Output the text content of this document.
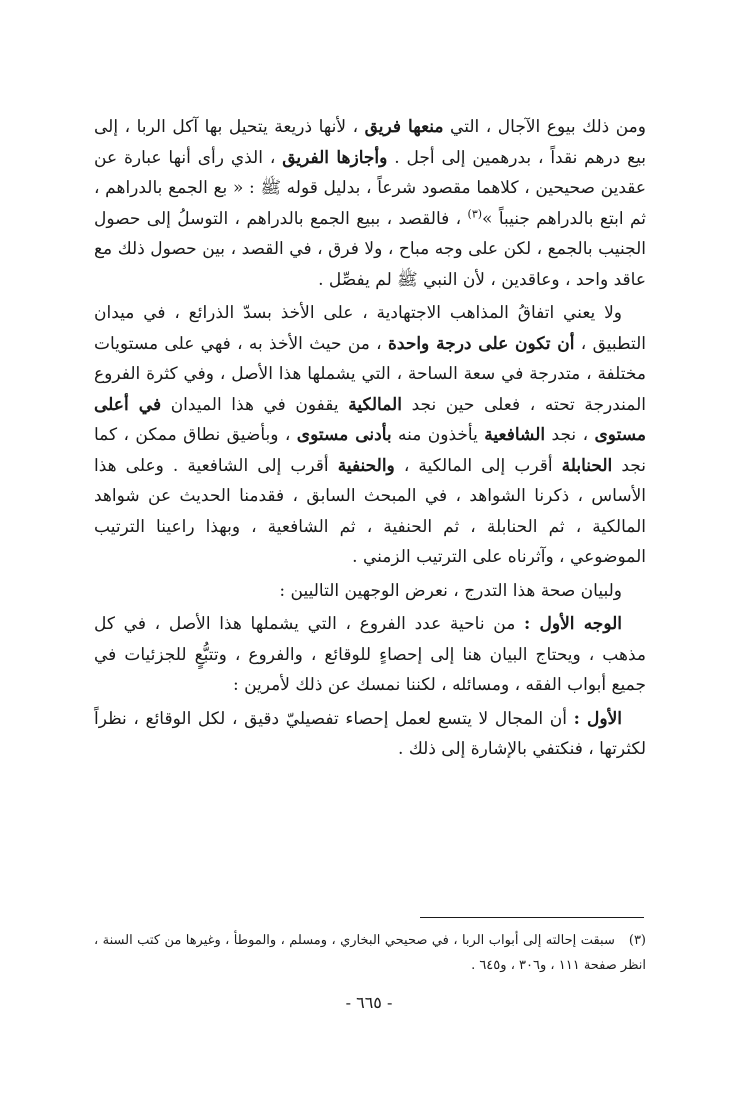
ومن ذلك بيوع الآجال ، التي منعها فريق ، لأنها ذريعة يتحيل بها آكل الربا ، إلى بيع درهم نقداً ، بدرهمين إلى أجل . وأجازها الفريق ، الذي رأى أنها عبارة عن عقدين صحيحين ، كلاهما مقصود شرعاً ، بدليل قوله ﷺ : « بع الجمع بالدراهم ، ثم ابتع بالدراهم جنيباً »$^{(٣)}$ ، فالقصد ، ببيع الجمع بالدراهم ، التوسلُ إلى حصول الجنيب بالجمع ، لكن على وجه مباح ، ولا فرق ، في القصد ، بين حصول ذلك مع عاقد واحد ، وعاقدين ، لأن النبي ﷺ لم يفصِّل .

ولا يعني اتفاقُ المذاهب الاجتهادية ، على الأخذ بسدّ الذرائع ، في ميدان التطبيق ، أن تكون على درجة واحدة ، من حيث الأخذ به ، فهي على مستويات مختلفة ، متدرجة في سعة الساحة ، التي يشملها هذا الأصل ، وفي كثرة الفروع المندرجة تحته ، فعلى حين نجد المالكية يقفون في هذا الميدان في أعلى مستوى ، نجد الشافعية يأخذون منه بأدنى مستوى ، وبأضيق نطاق ممكن ، كما نجد الحنابلة أقرب إلى المالكية ، والحنفية أقرب إلى الشافعية . وعلى هذا الأساس ، ذكرنا الشواهد ، في المبحث السابق ، فقدمنا الحديث عن شواهد المالكية ، ثم الحنابلة ، ثم الحنفية ، ثم الشافعية ، وبهذا راعينا الترتيب الموضوعي ، وآثرناه على الترتيب الزمني .

ولبيان صحة هذا التدرج ، نعرض الوجهين التاليين :

الوجه الأول : من ناحية عدد الفروع ، التي يشملها هذا الأصل ، في كل مذهب ، ويحتاج البيان هنا إلى إحصاءٍ للوقائع ، والفروع ، وتتبُّعٍ للجزئيات في جميع أبواب الفقه ، ومسائله ، لكننا نمسك عن ذلك لأمرين :

الأول : أن المجال لا يتسع لعمل إحصاء تفصيليّ دقيق ، لكل الوقائع ، نظراً لكثرتها ، فنكتفي بالإشارة إلى ذلك .

(٣)سبقت إحالته إلى أبواب الربا ، في صحيحي البخاري ، ومسلم ، والموطأ ، وغيرها من كتب السنة ، انظر صفحة ١١١ ، و٣٠٦ ، و٦٤٥ .
- ٦٦٥ -
